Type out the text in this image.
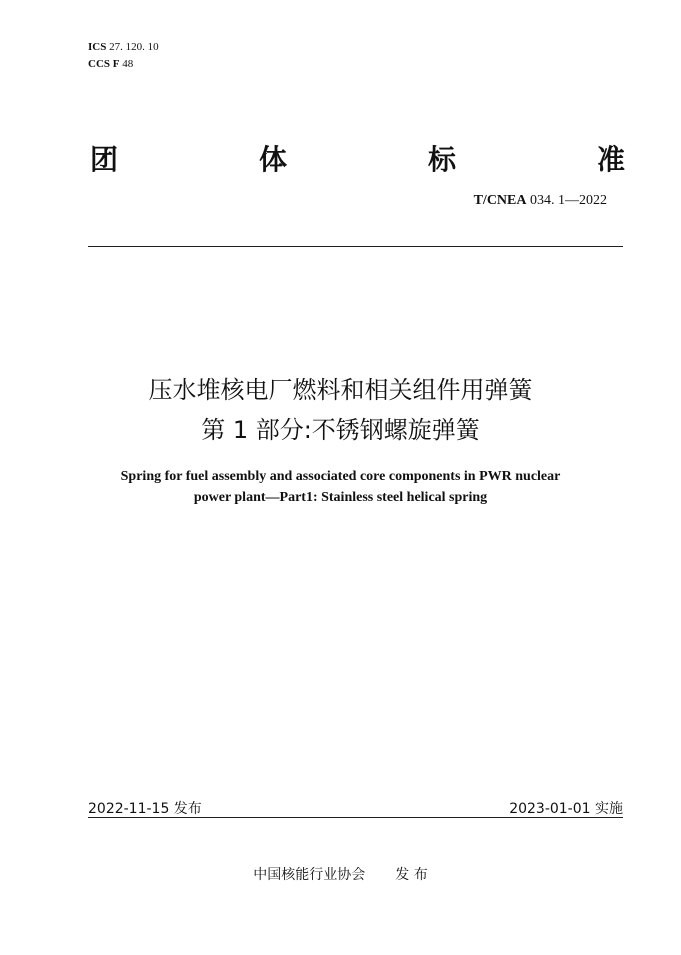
ICS 27. 120. 10
CCS F 48
团	体	标	准
T/CNEA 034. 1—2022
压水堆核电厂燃料和相关组件用弹簧
第 1 部分:不锈钢螺旋弹簧
Spring for fuel assembly and associated core components in PWR nuclear
power plant—Part1: Stainless steel helical spring
2022-11-15 发布	2023-01-01 实施
中国核能行业协会 发 布
